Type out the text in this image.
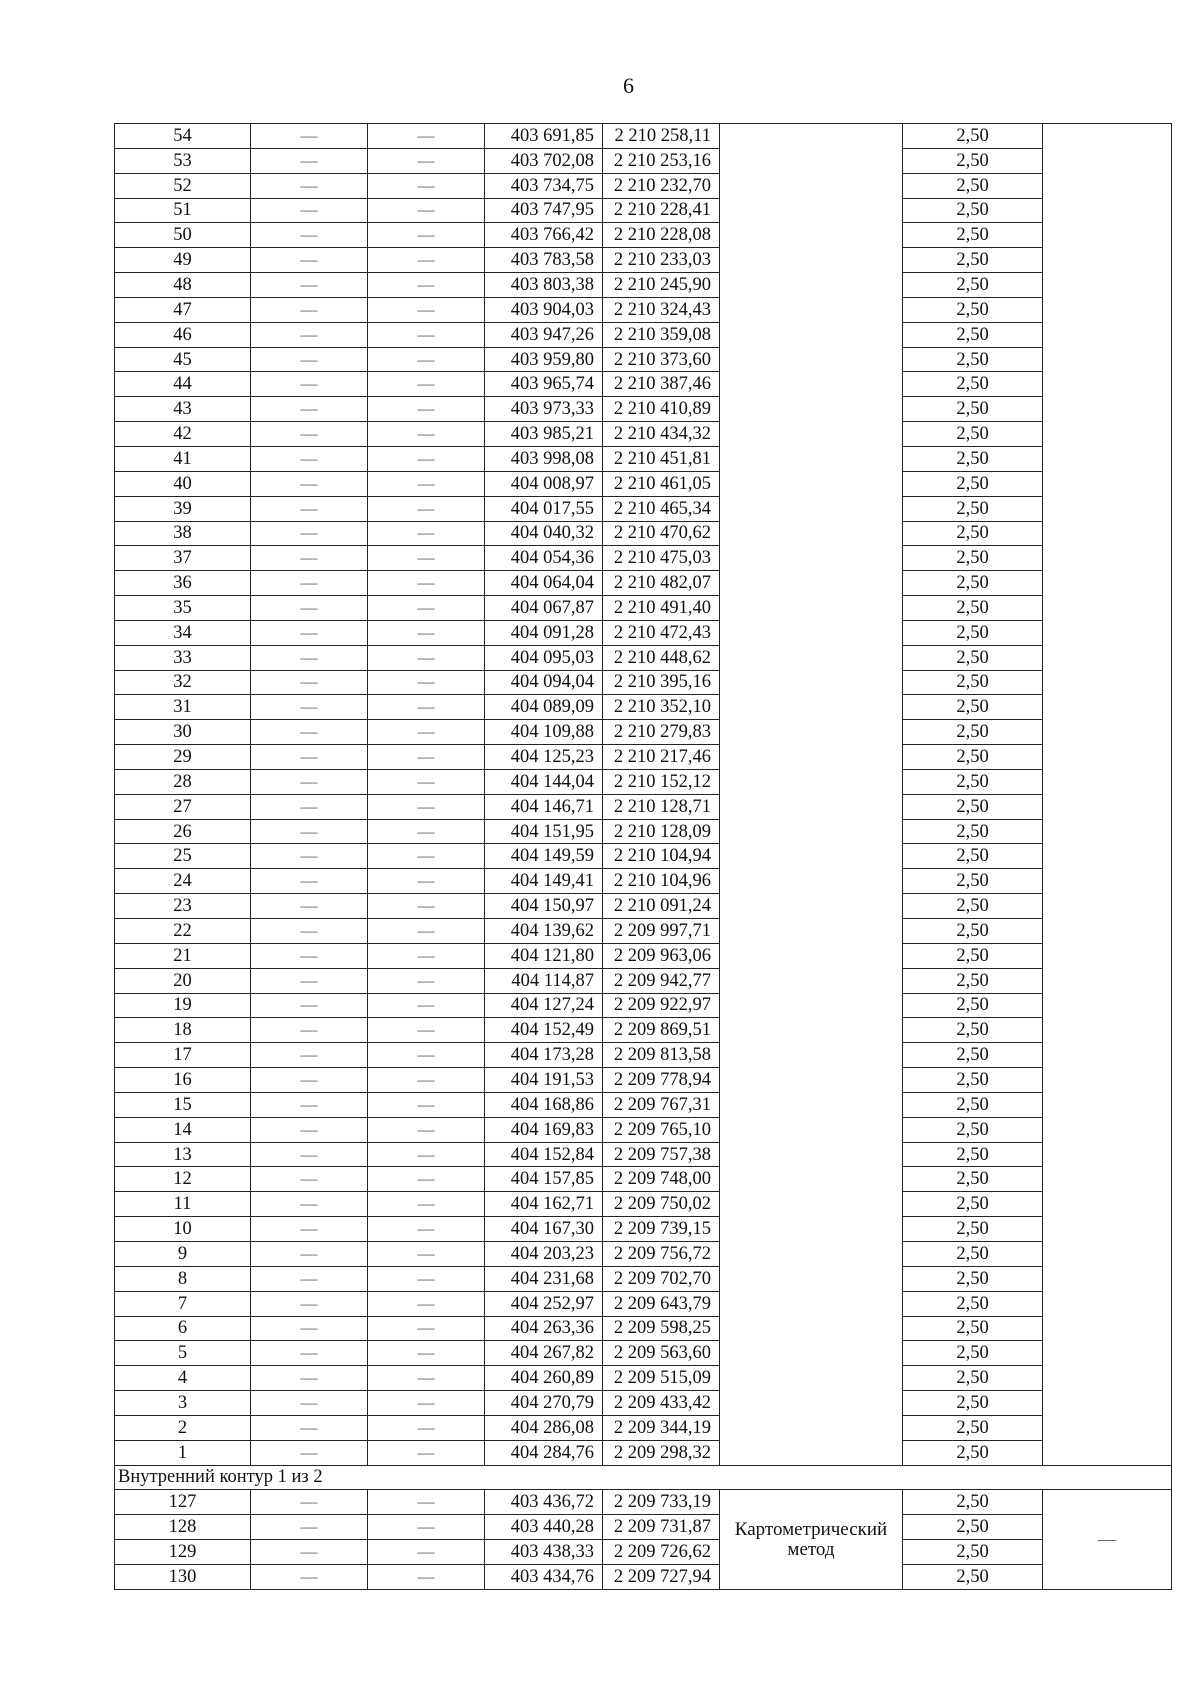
6
54	—	—	403 691,85	2 210 258,11		2,50	
53	—	—	403 702,08	2 210 253,16		2,50	
52	—	—	403 734,75	2 210 232,70		2,50	
51	—	—	403 747,95	2 210 228,41		2,50	
50	—	—	403 766,42	2 210 228,08		2,50	
49	—	—	403 783,58	2 210 233,03		2,50	
48	—	—	403 803,38	2 210 245,90		2,50	
47	—	—	403 904,03	2 210 324,43		2,50	
46	—	—	403 947,26	2 210 359,08		2,50	
45	—	—	403 959,80	2 210 373,60		2,50	
44	—	—	403 965,74	2 210 387,46		2,50	
43	—	—	403 973,33	2 210 410,89		2,50	
42	—	—	403 985,21	2 210 434,32		2,50	
41	—	—	403 998,08	2 210 451,81		2,50	
40	—	—	404 008,97	2 210 461,05		2,50	
39	—	—	404 017,55	2 210 465,34		2,50	
38	—	—	404 040,32	2 210 470,62		2,50	
37	—	—	404 054,36	2 210 475,03		2,50	
36	—	—	404 064,04	2 210 482,07		2,50	
35	—	—	404 067,87	2 210 491,40		2,50	
34	—	—	404 091,28	2 210 472,43		2,50	
33	—	—	404 095,03	2 210 448,62		2,50	
32	—	—	404 094,04	2 210 395,16		2,50	
31	—	—	404 089,09	2 210 352,10		2,50	
30	—	—	404 109,88	2 210 279,83		2,50	
29	—	—	404 125,23	2 210 217,46		2,50	
28	—	—	404 144,04	2 210 152,12		2,50	
27	—	—	404 146,71	2 210 128,71		2,50	
26	—	—	404 151,95	2 210 128,09		2,50	
25	—	—	404 149,59	2 210 104,94		2,50	
24	—	—	404 149,41	2 210 104,96		2,50	
23	—	—	404 150,97	2 210 091,24		2,50	
22	—	—	404 139,62	2 209 997,71		2,50	
21	—	—	404 121,80	2 209 963,06		2,50	
20	—	—	404 114,87	2 209 942,77		2,50	
19	—	—	404 127,24	2 209 922,97		2,50	
18	—	—	404 152,49	2 209 869,51		2,50	
17	—	—	404 173,28	2 209 813,58		2,50	
16	—	—	404 191,53	2 209 778,94		2,50	
15	—	—	404 168,86	2 209 767,31		2,50	
14	—	—	404 169,83	2 209 765,10		2,50	
13	—	—	404 152,84	2 209 757,38		2,50	
12	—	—	404 157,85	2 209 748,00		2,50	
11	—	—	404 162,71	2 209 750,02		2,50	
10	—	—	404 167,30	2 209 739,15		2,50	
9	—	—	404 203,23	2 209 756,72		2,50	
8	—	—	404 231,68	2 209 702,70		2,50	
7	—	—	404 252,97	2 209 643,79		2,50	
6	—	—	404 263,36	2 209 598,25		2,50	
5	—	—	404 267,82	2 209 563,60		2,50	
4	—	—	404 260,89	2 209 515,09		2,50	
3	—	—	404 270,79	2 209 433,42		2,50	
2	—	—	404 286,08	2 209 344,19		2,50	
1	—	—	404 284,76	2 209 298,32		2,50	
Внутренний контур 1 из 2							
127	—	—	403 436,72	2 209 733,19	Картометрический метод	2,50	—
128	—	—	403 440,28	2 209 731,87		2,50	
129	—	—	403 438,33	2 209 726,62		2,50	
130	—	—	403 434,76	2 209 727,94		2,50	
